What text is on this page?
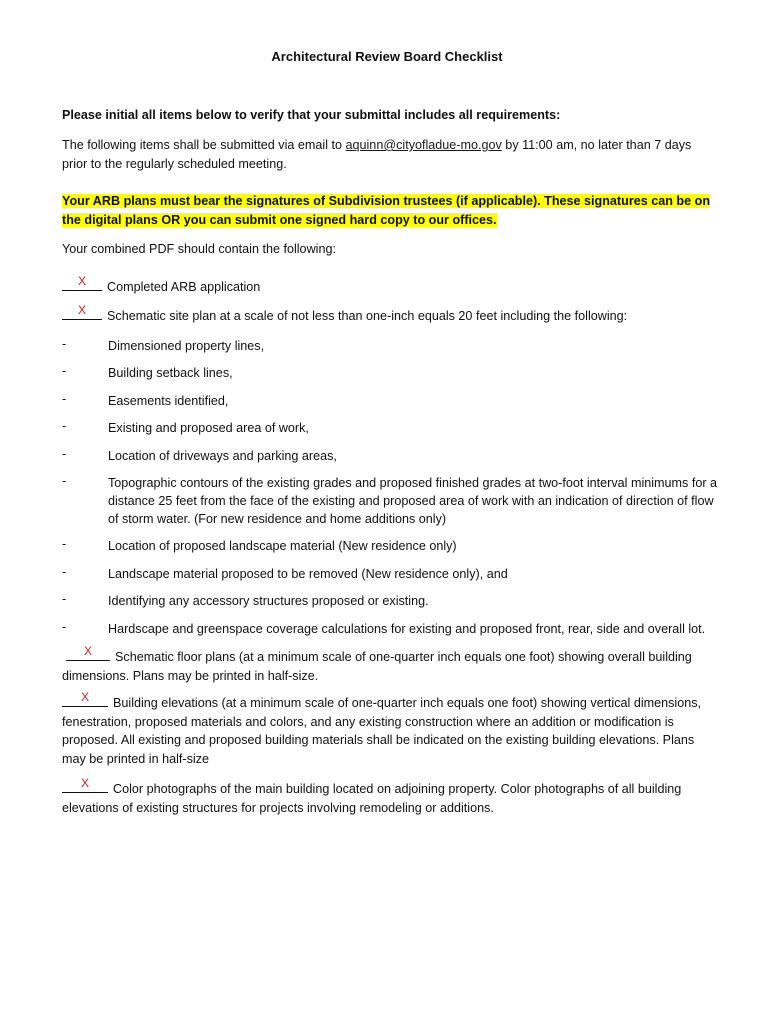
Architectural Review Board Checklist
Please initial all items below to verify that your submittal includes all requirements:
The following items shall be submitted via email to aquinn@cityofladue-mo.gov by 11:00 am, no later than 7 days prior to the regularly scheduled meeting.
Your ARB plans must bear the signatures of Subdivision trustees (if applicable). These signatures can be on the digital plans OR you can submit one signed hard copy to our offices.
Your combined PDF should contain the following:
X	Completed ARB application
X	Schematic site plan at a scale of not less than one-inch equals 20 feet including the following:
-	Dimensioned property lines,
-	Building setback lines,
-	Easements identified,
-	Existing and proposed area of work,
-	Location of driveways and parking areas,
-	Topographic contours of the existing grades and proposed finished grades at two-foot interval minimums for a distance 25 feet from the face of the existing and proposed area of work with an indication of direction of flow of storm water. (For new residence and home additions only)
-	Location of proposed landscape material (New residence only)
-	Landscape material proposed to be removed (New residence only), and
-	Identifying any accessory structures proposed or existing.
-	Hardscape and greenspace coverage calculations for existing and proposed front, rear, side and overall lot.
X	Schematic floor plans (at a minimum scale of one-quarter inch equals one foot) showing overall building dimensions. Plans may be printed in half-size.
X	Building elevations (at a minimum scale of one-quarter inch equals one foot) showing vertical dimensions, fenestration, proposed materials and colors, and any existing construction where an addition or modification is proposed. All existing and proposed building materials shall be indicated on the existing building elevations. Plans may be printed in half-size
X	Color photographs of the main building located on adjoining property. Color photographs of all building elevations of existing structures for projects involving remodeling or additions.
